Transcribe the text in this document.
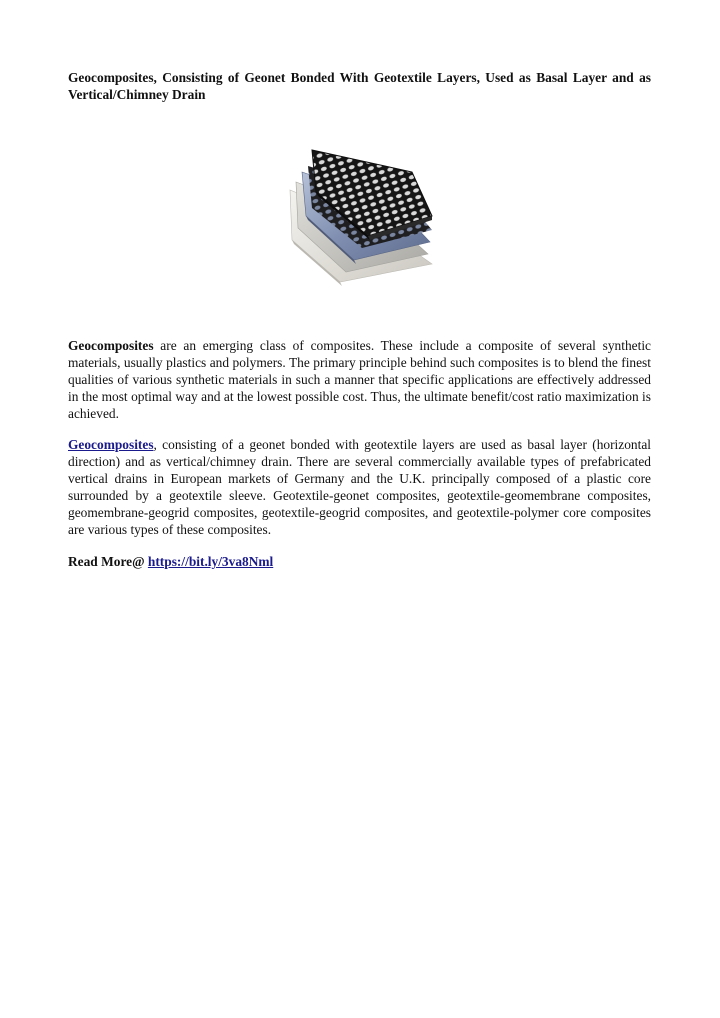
Geocomposites, Consisting of Geonet Bonded With Geotextile Layers, Used as Basal Layer and as Vertical/Chimney Drain

Geocomposites are an emerging class of composites. These include a composite of several synthetic materials, usually plastics and polymers. The primary principle behind such composites is to blend the finest qualities of various synthetic materials in such a manner that specific applications are effectively addressed in the most optimal way and at the lowest possible cost. Thus, the ultimate benefit/cost ratio maximization is achieved.

Geocomposites, consisting of a geonet bonded with geotextile layers are used as basal layer (horizontal direction) and as vertical/chimney drain. There are several commercially available types of prefabricated vertical drains in European markets of Germany and the U.K. principally composed of a plastic core surrounded by a geotextile sleeve. Geotextile-geonet composites, geotextile-geomembrane composites, geomembrane-geogrid composites, geotextile-geogrid composites, and geotextile-polymer core composites are various types of these composites.

Read More@ https://bit.ly/3va8Nml
